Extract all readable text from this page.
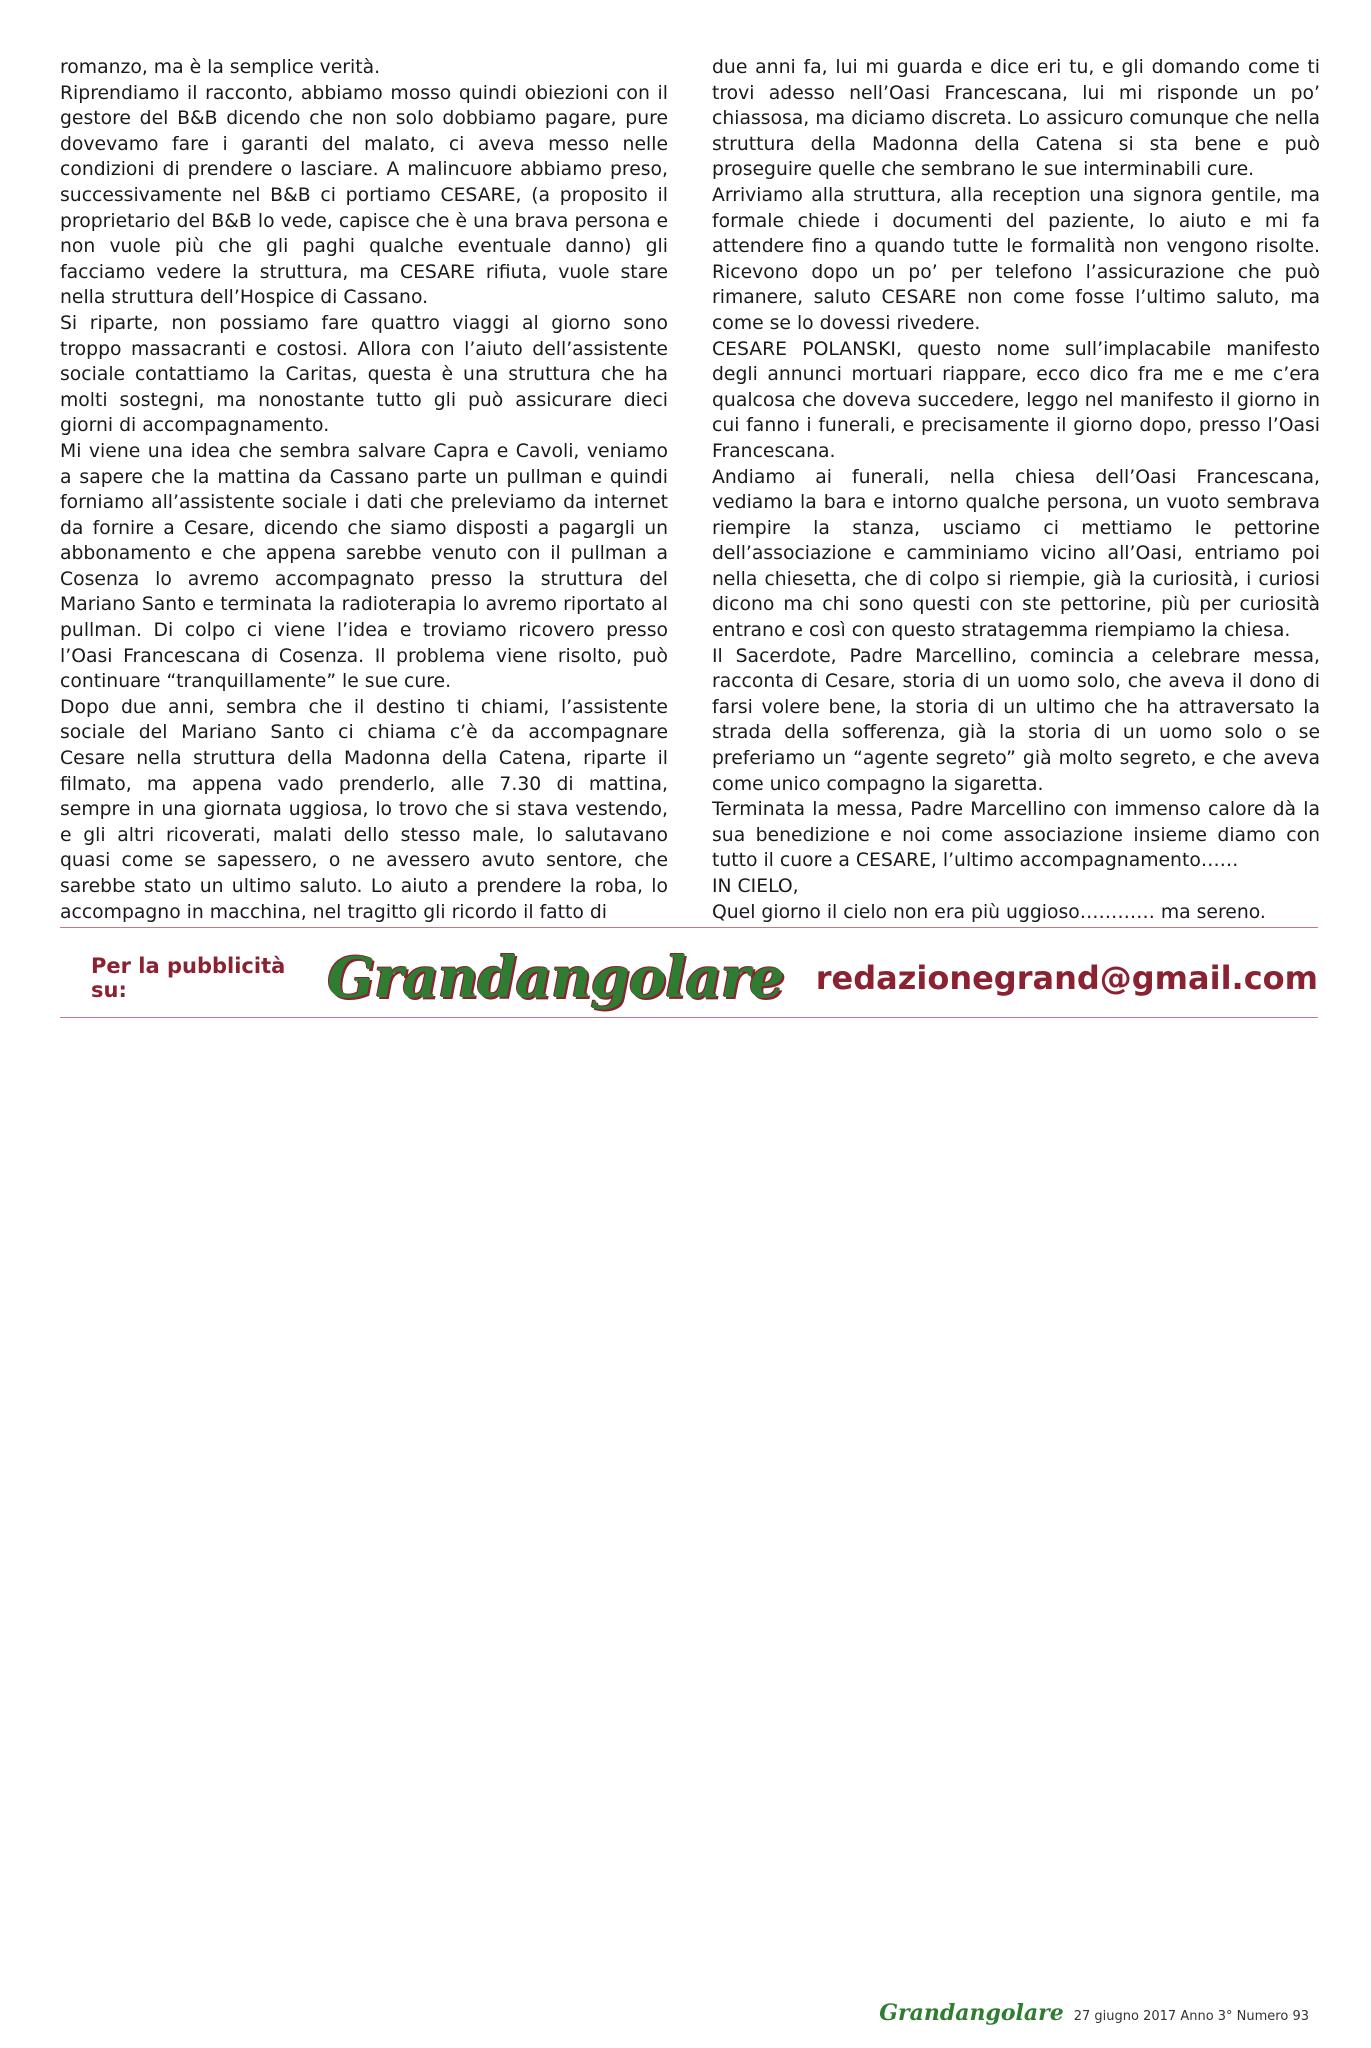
romanzo, ma è la semplice verità.

Riprendiamo il racconto, abbiamo mosso quindi obiezioni con il gestore del B&B dicendo che non solo dobbiamo pagare, pure dovevamo fare i garanti del malato, ci aveva messo nelle condizioni di prendere o lasciare. A malincuore abbiamo preso, successivamente nel B&B ci portiamo CESARE, (a proposito il proprietario del B&B lo vede, capisce che è una brava persona e non vuole più che gli paghi qualche eventuale danno) gli facciamo vedere la struttura, ma CESARE rifiuta, vuole stare nella struttura dell’Hospice di Cassano.

Si riparte, non possiamo fare quattro viaggi al giorno sono troppo massacranti e costosi. Allora con l’aiuto dell’assistente sociale contattiamo la Caritas, questa è una struttura che ha molti sostegni, ma nonostante tutto gli può assicurare dieci giorni di accompagnamento.

Mi viene una idea che sembra salvare Capra e Cavoli, veniamo a sapere che la mattina da Cassano parte un pullman e quindi forniamo all’assistente sociale i dati che preleviamo da internet da fornire a Cesare, dicendo che siamo disposti a pagargli un abbonamento e che appena sarebbe venuto con il pullman a Cosenza lo avremo accompagnato presso la struttura del Mariano Santo e terminata la radioterapia lo avremo riportato al pullman. Di colpo ci viene l’idea e troviamo ricovero presso l’Oasi Francescana di Cosenza. Il problema viene risolto, può continuare “tranquillamente” le sue cure.

Dopo due anni, sembra che il destino ti chiami, l’assistente sociale del Mariano Santo ci chiama c’è da accompagnare Cesare nella struttura della Madonna della Catena, riparte il filmato, ma appena vado prenderlo, alle 7.30 di mattina, sempre in una giornata uggiosa, lo trovo che si stava vestendo, e gli altri ricoverati, malati dello stesso male, lo salutavano quasi come se sapessero, o ne avessero avuto sentore, che sarebbe stato un ultimo saluto. Lo aiuto a prendere la roba, lo accompagno in macchina, nel tragitto gli ricordo il fatto di

due anni fa, lui mi guarda e dice eri tu, e gli domando come ti trovi adesso nell’Oasi Francescana, lui mi risponde un po’ chiassosa, ma diciamo discreta. Lo assicuro comunque che nella struttura della Madonna della Catena si sta bene e può proseguire quelle che sembrano le sue interminabili cure.

Arriviamo alla struttura, alla reception una signora gentile, ma formale chiede i documenti del paziente, lo aiuto e mi fa attendere fino a quando tutte le formalità non vengono risolte. Ricevono dopo un po’ per telefono l’assicurazione che può rimanere, saluto CESARE non come fosse l’ultimo saluto, ma come se lo dovessi rivedere.

CESARE POLANSKI, questo nome sull’implacabile manifesto degli annunci mortuari riappare, ecco dico fra me e me c’era qualcosa che doveva succedere, leggo nel manifesto il giorno in cui fanno i funerali, e precisamente il giorno dopo, presso l’Oasi Francescana.

Andiamo ai funerali, nella chiesa dell’Oasi Francescana, vediamo la bara e intorno qualche persona, un vuoto sembrava riempire la stanza, usciamo ci mettiamo le pettorine dell’associazione e camminiamo vicino all’Oasi, entriamo poi nella chiesetta, che di colpo si riempie, già la curiosità, i curiosi dicono ma chi sono questi con ste pettorine, più per curiosità entrano e così con questo stratagemma riempiamo la chiesa.

Il Sacerdote, Padre Marcellino, comincia a celebrare messa, racconta di Cesare, storia di un uomo solo, che aveva il dono di farsi volere bene, la storia di un ultimo che ha attraversato la strada della sofferenza, già la storia di un uomo solo o se preferiamo un “agente segreto” già molto segreto, e che aveva come unico compagno la sigaretta.

Terminata la messa, Padre Marcellino con immenso calore dà la sua benedizione e noi come associazione insieme diamo con tutto il cuore a CESARE, l’ultimo accompagnamento……

IN CIELO,

Quel giorno il cielo non era più uggioso………… ma sereno.

Per la pubblicità su:	Grandangolare redazionegrand@gmail.com
Grandangolare 27 giugno 2017 Anno 3° Numero 93
